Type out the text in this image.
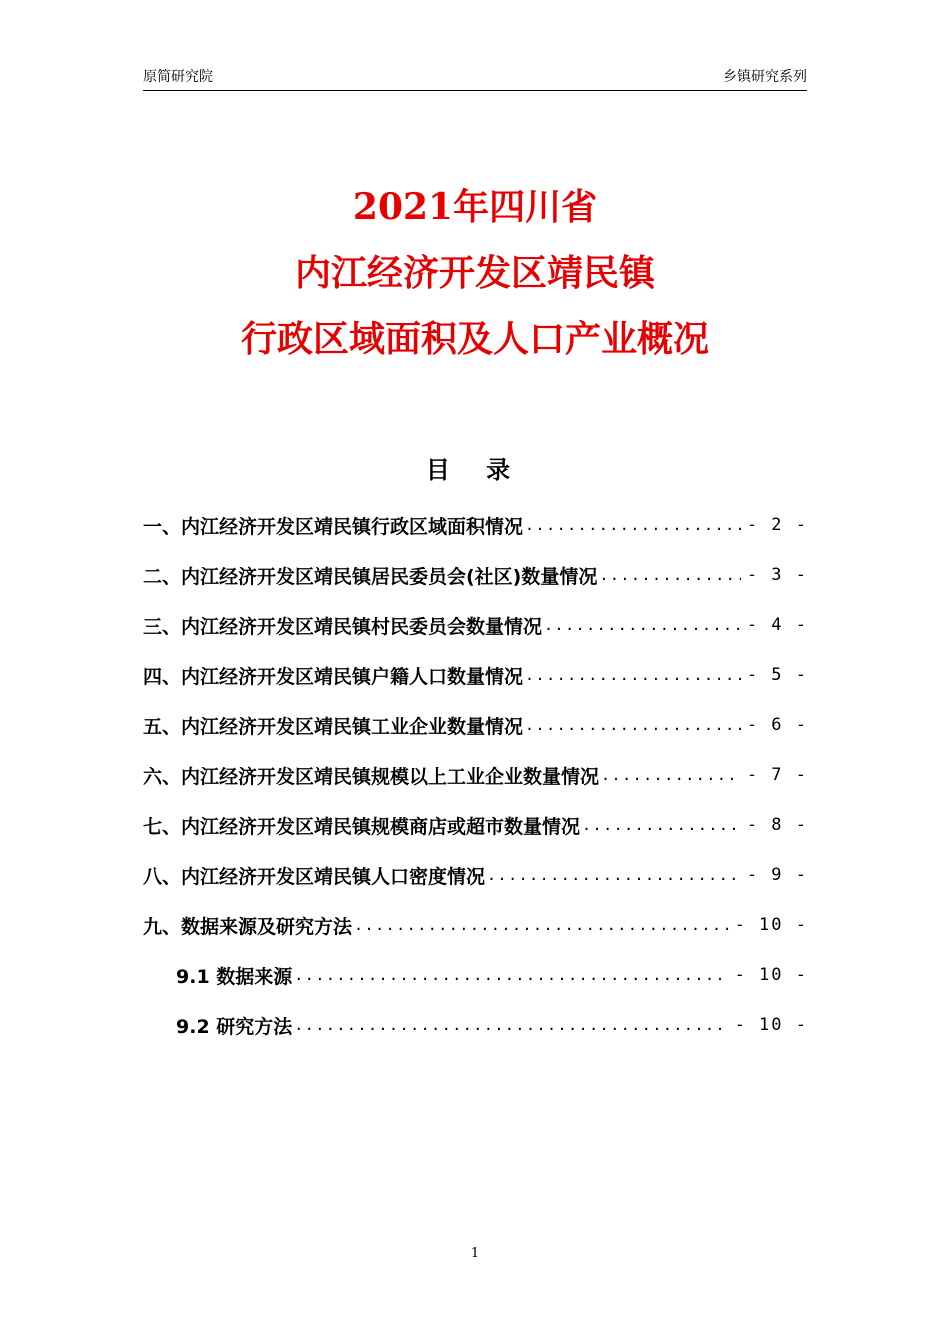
原简研究院	乡镇研究系列
2021年四川省
内江经济开发区靖民镇
行政区域面积及人口产业概况
目 录
一、内江经济开发区靖民镇行政区域面积情况 .....	- 2 -
二、内江经济开发区靖民镇居民委员会(社区)数量情况 .....	- 3 -
三、内江经济开发区靖民镇村民委员会数量情况 .....	- 4 -
四、内江经济开发区靖民镇户籍人口数量情况 .....	- 5 -
五、内江经济开发区靖民镇工业企业数量情况 .....	- 6 -
六、内江经济开发区靖民镇规模以上工业企业数量情况 .....	- 7 -
七、内江经济开发区靖民镇规模商店或超市数量情况 .....	- 8 -
八、内江经济开发区靖民镇人口密度情况 .....	- 9 -
九、数据来源及研究方法 .....	- 10 -
9.1 数据来源 .....	- 10 -
9.2 研究方法 .....	- 10 -
1
